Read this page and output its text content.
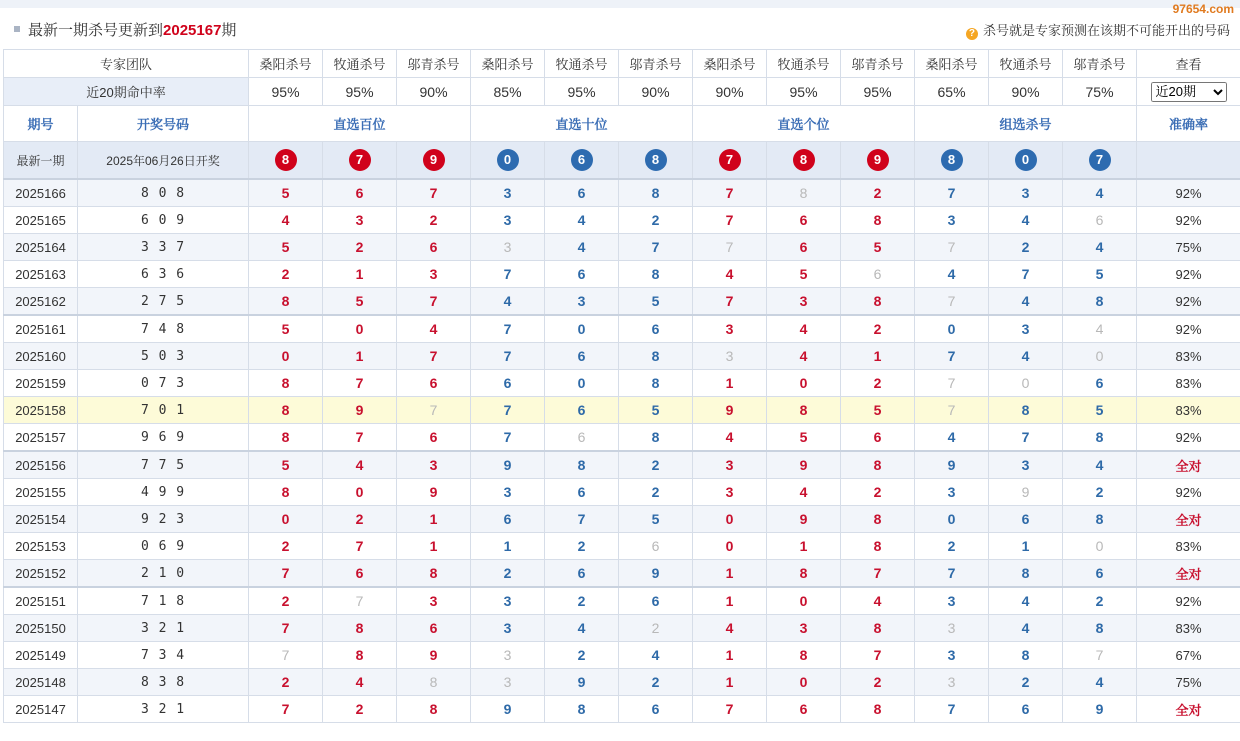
97654.com
最新一期杀号更新到2025167期	? 杀号就是专家预测在该期不可能开出的号码
专家团队		桑阳杀号	牧通杀号	邬青杀号	桑阳杀号	牧通杀号	邬青杀号	桑阳杀号	牧通杀号	邬青杀号	桑阳杀号	牧通杀号	邬青杀号	查看
近20期命中率		95%	95%	90%	85%	95%	90%	90%	95%	95%	65%	90%	75%	
近20期
期号	开奖号码	直选百位			直选十位			直选个位			组选杀号			准确率
最新一期	2025年06月26日开奖	8	7	9	0	6	8	7	8	9	8	0	7	
2025166	8 0 8	5	6	7	3	6	8	7	8	2	7	3	4	92%
2025165	6 0 9	4	3	2	3	4	2	7	6	8	3	4	6	92%
2025164	3 3 7	5	2	6	3	4	7	7	6	5	7	2	4	75%
2025163	6 3 6	2	1	3	7	6	8	4	5	6	4	7	5	92%
2025162	2 7 5	8	5	7	4	3	5	7	3	8	7	4	8	92%
2025161	7 4 8	5	0	4	7	0	6	3	4	2	0	3	4	92%
2025160	5 0 3	0	1	7	7	6	8	3	4	1	7	4	0	83%
2025159	0 7 3	8	7	6	6	0	8	1	0	2	7	0	6	83%
2025158	7 0 1	8	9	7	7	6	5	9	8	5	7	8	5	83%
2025157	9 6 9	8	7	6	7	6	8	4	5	6	4	7	8	92%
2025156	7 7 5	5	4	3	9	8	2	3	9	8	9	3	4	全对
2025155	4 9 9	8	0	9	3	6	2	3	4	2	3	9	2	92%
2025154	9 2 3	0	2	1	6	7	5	0	9	8	0	6	8	全对
2025153	0 6 9	2	7	1	1	2	6	0	1	8	2	1	0	83%
2025152	2 1 0	7	6	8	2	6	9	1	8	7	7	8	6	全对
2025151	7 1 8	2	7	3	3	2	6	1	0	4	3	4	2	92%
2025150	3 2 1	7	8	6	3	4	2	4	3	8	3	4	8	83%
2025149	7 3 4	7	8	9	3	2	4	1	8	7	3	8	7	67%
2025148	8 3 8	2	4	8	3	9	2	1	0	2	3	2	4	75%
2025147	3 2 1	7	2	8	9	8	6	7	6	8	7	6	9	全对
